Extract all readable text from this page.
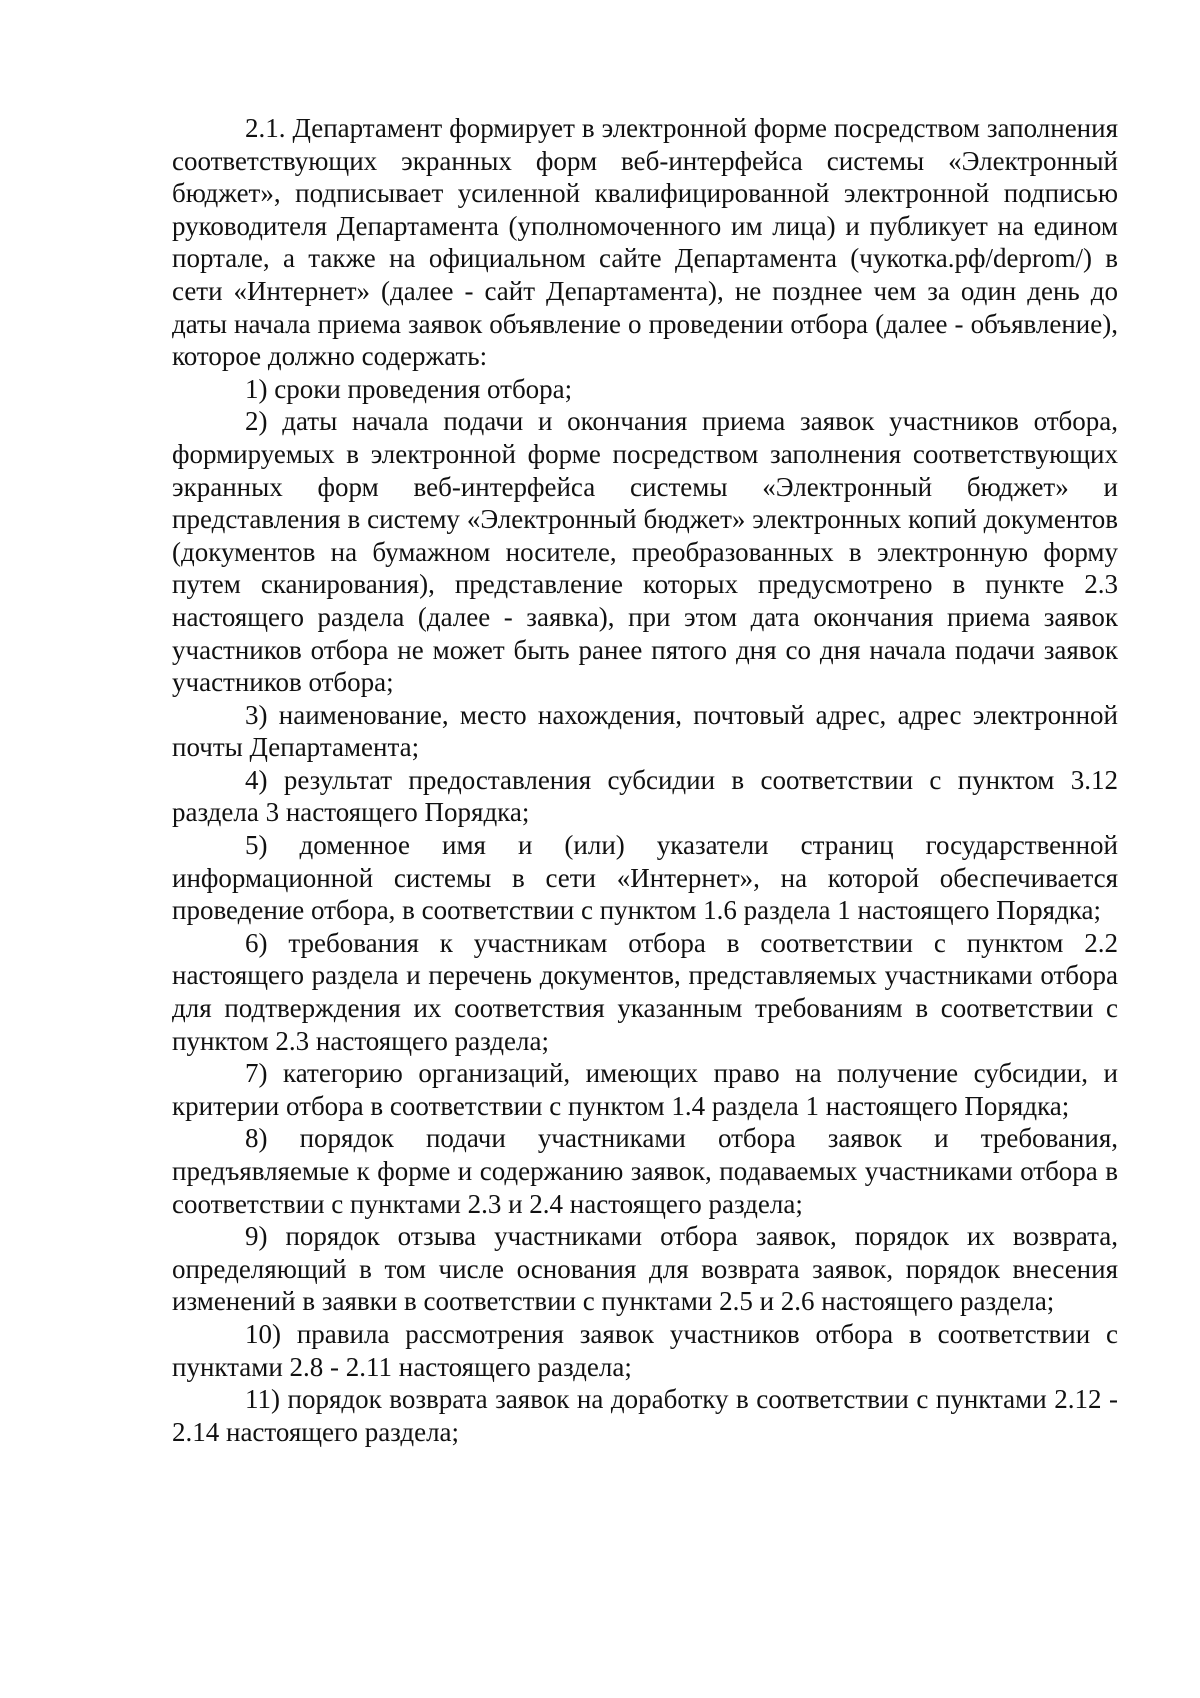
2.1. Департамент формирует в электронной форме посредством заполнения соответствующих экранных форм веб-интерфейса системы «Электронный бюджет», подписывает усиленной квалифицированной электронной подписью руководителя Департамента (уполномоченного им лица) и публикует на едином портале, а также на официальном сайте Департамента (чукотка.рф/deprom/) в сети «Интернет» (далее - сайт Департамента), не позднее чем за один день до даты начала приема заявок объявление о проведении отбора (далее - объявление), которое должно содержать:

1) сроки проведения отбора;

2) даты начала подачи и окончания приема заявок участников отбора, формируемых в электронной форме посредством заполнения соответствующих экранных форм веб-интерфейса системы «Электронный бюджет» и представления в систему «Электронный бюджет» электронных копий документов (документов на бумажном носителе, преобразованных в электронную форму путем сканирования), представление которых предусмотрено в пункте 2.3 настоящего раздела (далее - заявка), при этом дата окончания приема заявок участников отбора не может быть ранее пятого дня со дня начала подачи заявок участников отбора;

3) наименование, место нахождения, почтовый адрес, адрес электронной почты Департамента;

4) результат предоставления субсидии в соответствии с пунктом 3.12 раздела 3 настоящего Порядка;

5) доменное имя и (или) указатели страниц государственной информационной системы в сети «Интернет», на которой обеспечивается проведение отбора, в соответствии с пунктом 1.6 раздела 1 настоящего Порядка;

6) требования к участникам отбора в соответствии с пунктом 2.2 настоящего раздела и перечень документов, представляемых участниками отбора для подтверждения их соответствия указанным требованиям в соответствии с пунктом 2.3 настоящего раздела;

7) категорию организаций, имеющих право на получение субсидии, и критерии отбора в соответствии с пунктом 1.4 раздела 1 настоящего Порядка;

8) порядок подачи участниками отбора заявок и требования, предъявляемые к форме и содержанию заявок, подаваемых участниками отбора в соответствии с пунктами 2.3 и 2.4 настоящего раздела;

9) порядок отзыва участниками отбора заявок, порядок их возврата, определяющий в том числе основания для возврата заявок, порядок внесения изменений в заявки в соответствии с пунктами 2.5 и 2.6 настоящего раздела;

10) правила рассмотрения заявок участников отбора в соответствии с пунктами 2.8 - 2.11 настоящего раздела;

11) порядок возврата заявок на доработку в соответствии с пунктами 2.12 - 2.14 настоящего раздела;
